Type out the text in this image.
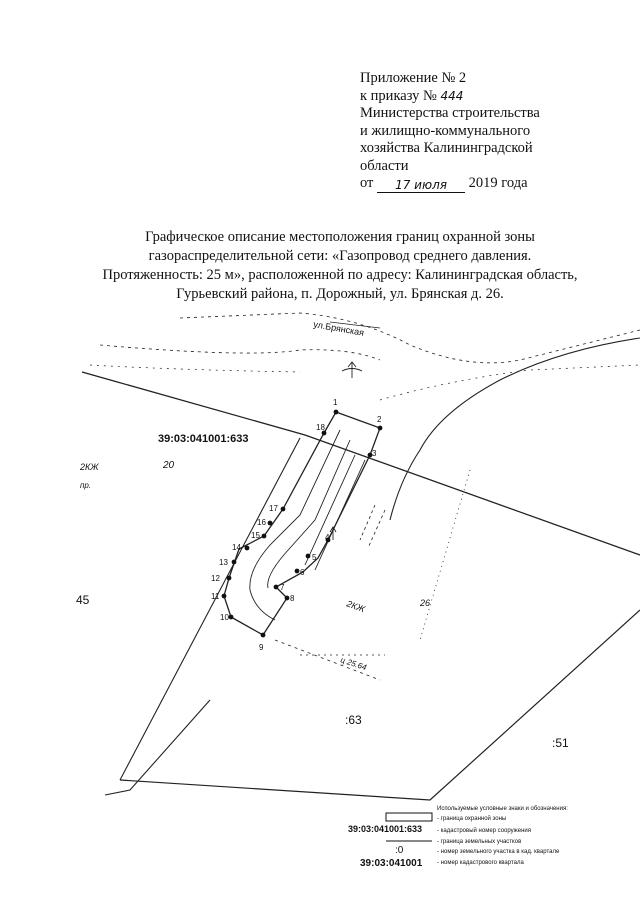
Приложение № 2
к приказу № 444
Министерства строительства
и жилищно-коммунального
хозяйства Калининградской
области
от 17 июля 2019 года
Графическое описание местоположения границ охранной зоны
газораспределительной сети: «Газопровод среднего давления.
Протяженность: 25 м», расположенной по адресу: Калининградская область,
Гурьевский района, п. Дорожный, ул. Брянская д. 26.
1
2
3
4
5
6
7
8
9
10
11
12
13
14
15
16
17
18
ул.Брянская
39:03:041001:633
20
2КЖ
пр.
45	2КЖ	26
ц 25.64
:63
:51
Используемые условные знаки и обозначения:
- граница охранной зоны
39:03:041001:633 - кадастровый номер сооружения
- граница земельных участков
:0	- номер земельного участка в кад. квартале
39:03:041001 - номер кадастрового квартала
